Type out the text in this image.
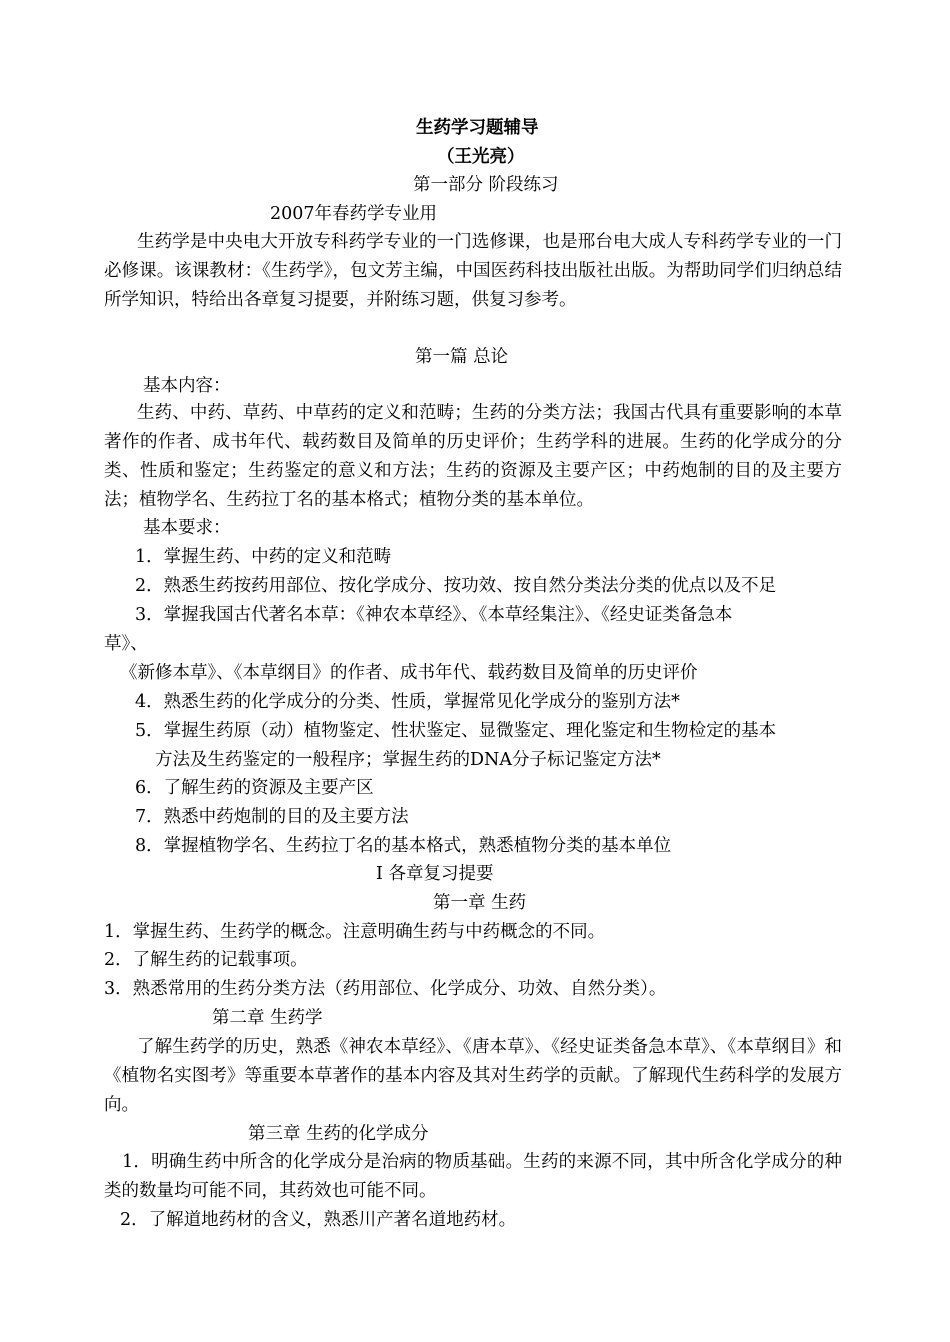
生药学习题辅导
（王光亮）
第一部分 阶段练习
2007年春药学专业用
生药学是中央电大开放专科药学专业的一门选修课，也是邢台电大成人专科药学专业的一门必修课。该课教材：《生药学》，包文芳主编，中国医药科技出版社出版。为帮助同学们归纳总结所学知识，特给出各章复习提要，并附练习题，供复习参考。
第一篇 总论
基本内容：
生药、中药、草药、中草药的定义和范畴；生药的分类方法；我国古代具有重要影响的本草著作的作者、成书年代、载药数目及简单的历史评价；生药学科的进展。生药的化学成分的分类、性质和鉴定；生药鉴定的意义和方法；生药的资源及主要产区；中药炮制的目的及主要方法；植物学名、生药拉丁名的基本格式；植物分类的基本单位。
基本要求：
1．掌握生药、中药的定义和范畴
2．熟悉生药按药用部位、按化学成分、按功效、按自然分类法分类的优点以及不足
3．掌握我国古代著名本草：《神农本草经》、《本草经集注》、《经史证类备急本
草》、
《新修本草》、《本草纲目》的作者、成书年代、载药数目及简单的历史评价
4．熟悉生药的化学成分的分类、性质，掌握常见化学成分的鉴别方法*
5．掌握生药原（动）植物鉴定、性状鉴定、显微鉴定、理化鉴定和生物检定的基本
方法及生药鉴定的一般程序；掌握生药的DNA分子标记鉴定方法*
6．了解生药的资源及主要产区
7．熟悉中药炮制的目的及主要方法
8．掌握植物学名、生药拉丁名的基本格式，熟悉植物分类的基本单位
Ⅰ 各章复习提要
第一章 生药
1．掌握生药、生药学的概念。注意明确生药与中药概念的不同。
2．了解生药的记载事项。
3．熟悉常用的生药分类方法（药用部位、化学成分、功效、自然分类）。
第二章 生药学
了解生药学的历史，熟悉《神农本草经》、《唐本草》、《经史证类备急本草》、《本草纲目》和《植物名实图考》等重要本草著作的基本内容及其对生药学的贡献。了解现代生药科学的发展方向。
第三章 生药的化学成分
1．明确生药中所含的化学成分是治病的物质基础。生药的来源不同，其中所含化学成分的种类的数量均可能不同，其药效也可能不同。
2．了解道地药材的含义，熟悉川产著名道地药材。
